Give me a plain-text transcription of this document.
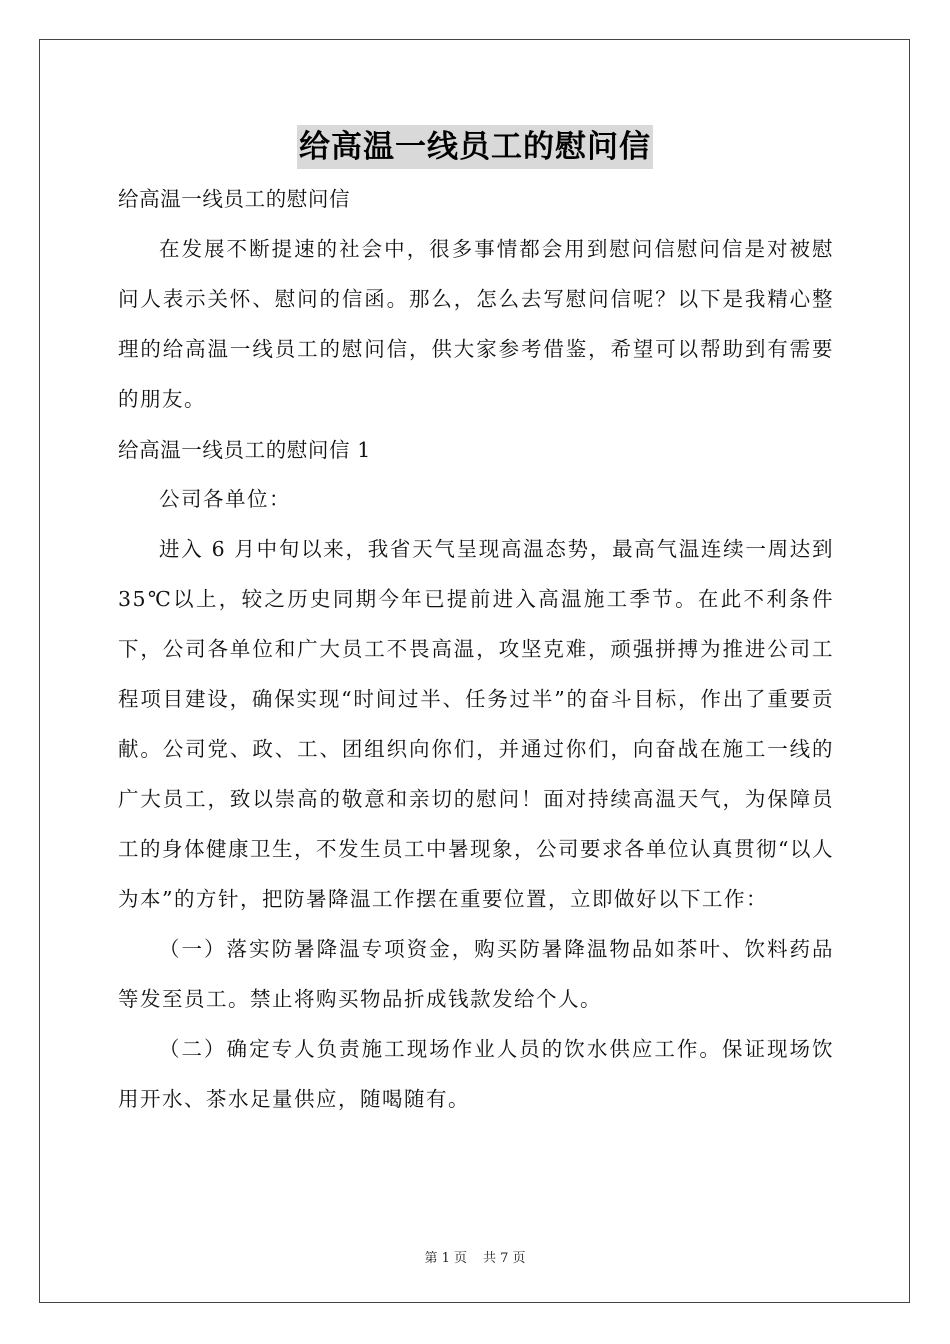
给高温一线员工的慰问信

给高温一线员工的慰问信

在发展不断提速的社会中，很多事情都会用到慰问信慰问信是对被慰问人表示关怀、慰问的信函。那么，怎么去写慰问信呢？以下是我精心整理的给高温一线员工的慰问信，供大家参考借鉴，希望可以帮助到有需要的朋友。

给高温一线员工的慰问信 1

公司各单位：

进入 6 月中旬以来，我省天气呈现高温态势，最高气温连续一周达到 35℃以上，较之历史同期今年已提前进入高温施工季节。在此不利条件下，公司各单位和广大员工不畏高温，攻坚克难，顽强拼搏为推进公司工程项目建设，确保实现“时间过半、任务过半”的奋斗目标，作出了重要贡献。公司党、政、工、团组织向你们，并通过你们，向奋战在施工一线的广大员工，致以崇高的敬意和亲切的慰问！面对持续高温天气，为保障员工的身体健康卫生，不发生员工中暑现象，公司要求各单位认真贯彻“以人为本”的方针，把防暑降温工作摆在重要位置，立即做好以下工作：

（一）落实防暑降温专项资金，购买防暑降温物品如茶叶、饮料药品等发至员工。禁止将购买物品折成钱款发给个人。

（二）确定专人负责施工现场作业人员的饮水供应工作。保证现场饮用开水、茶水足量供应，随喝随有。

第 1 页 共 7 页
